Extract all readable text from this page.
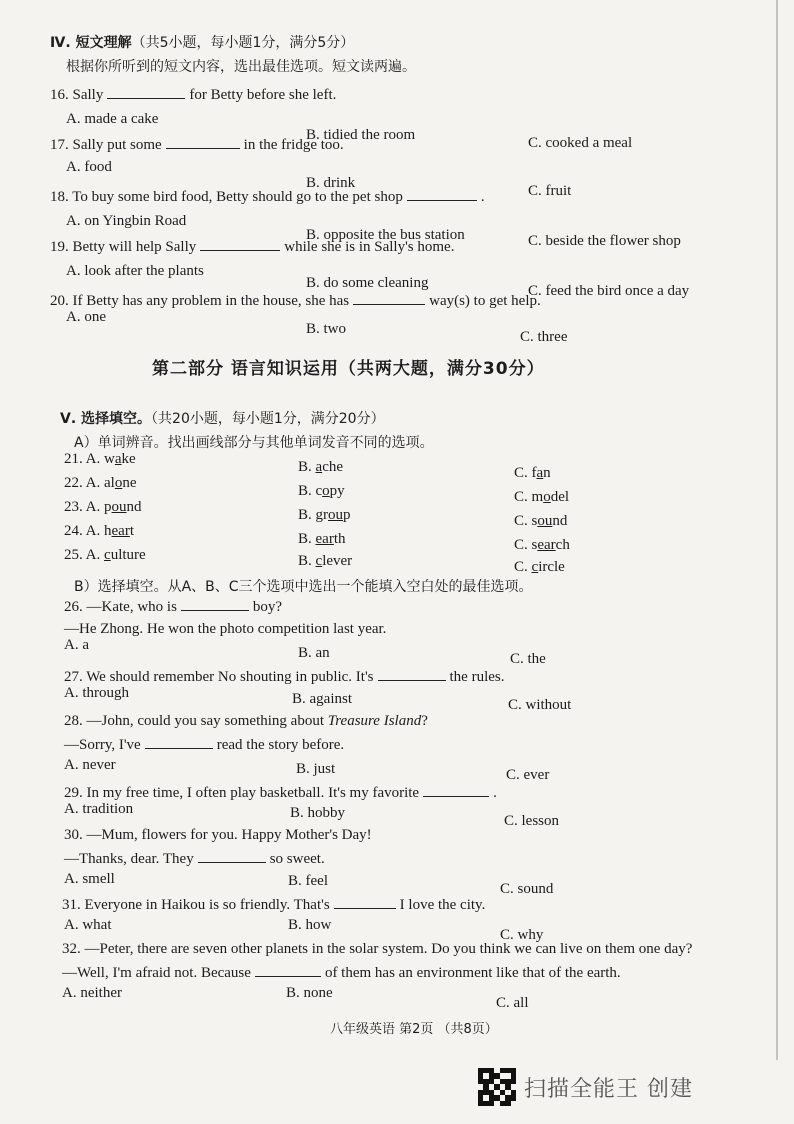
Ⅳ. 短文理解（共5小题，每小题1分，满分5分）
根据你所听到的短文内容，选出最佳选项。短文读两遍。
16. Sally	for Betty before she left.
A. made a cake
B. tidied the room	C. cooked a meal
17. Sally put some	in the fridge too.
A. food
B. drink	C. fruit
18. To buy some bird food, Betty should go to the pet shop	.
A. on Yingbin Road
B. opposite the bus station	C. beside the flower shop
19. Betty will help Sally	while she is in Sally's home.
A. look after the plants
B. do some cleaning	C. feed the bird once a day
20. If Betty has any problem in the house, she has	way(s) to get help.
A. one
B. two	C. three
第二部分 语言知识运用（共两大题，满分30分）
Ⅴ. 选择填空。（共20小题，每小题1分，满分20分）
A）单词辨音。找出画线部分与其他单词发音不同的选项。
21. A. wake	B. ache	C. fan
22. A. alone	B. copy	C. model
23. A. pound	B. group	C. sound
24. A. heart	B. earth	C. search
25. A. culture	B. clever	C. circle
B）选择填空。从A、B、C三个选项中选出一个能填入空白处的最佳选项。
26. —Kate, who is	boy?
—He Zhong. He won the photo competition last year.
A. a	B. an	C. the
27. We should remember No shouting in public. It's	the rules.
A. through	B. against	C. without
28. —John, could you say something about Treasure Island?
—Sorry, I've	read the story before.
A. never	B. just	C. ever
29. In my free time, I often play basketball. It's my favorite	.
A. tradition	B. hobby	C. lesson
30. —Mum, flowers for you. Happy Mother's Day!
—Thanks, dear. They	so sweet.
A. smell	B. feel	C. sound
31. Everyone in Haikou is so friendly. That's	I love the city.
A. what	B. how
C. why
32. —Peter, there are seven other planets in the solar system. Do you think we can live on them one day?
—Well, I'm afraid not. Because	of them has an environment like that of the earth.
A. neither	B. none
C. all
八年级英语 第2页 （共8页）
扫描全能王 创建
